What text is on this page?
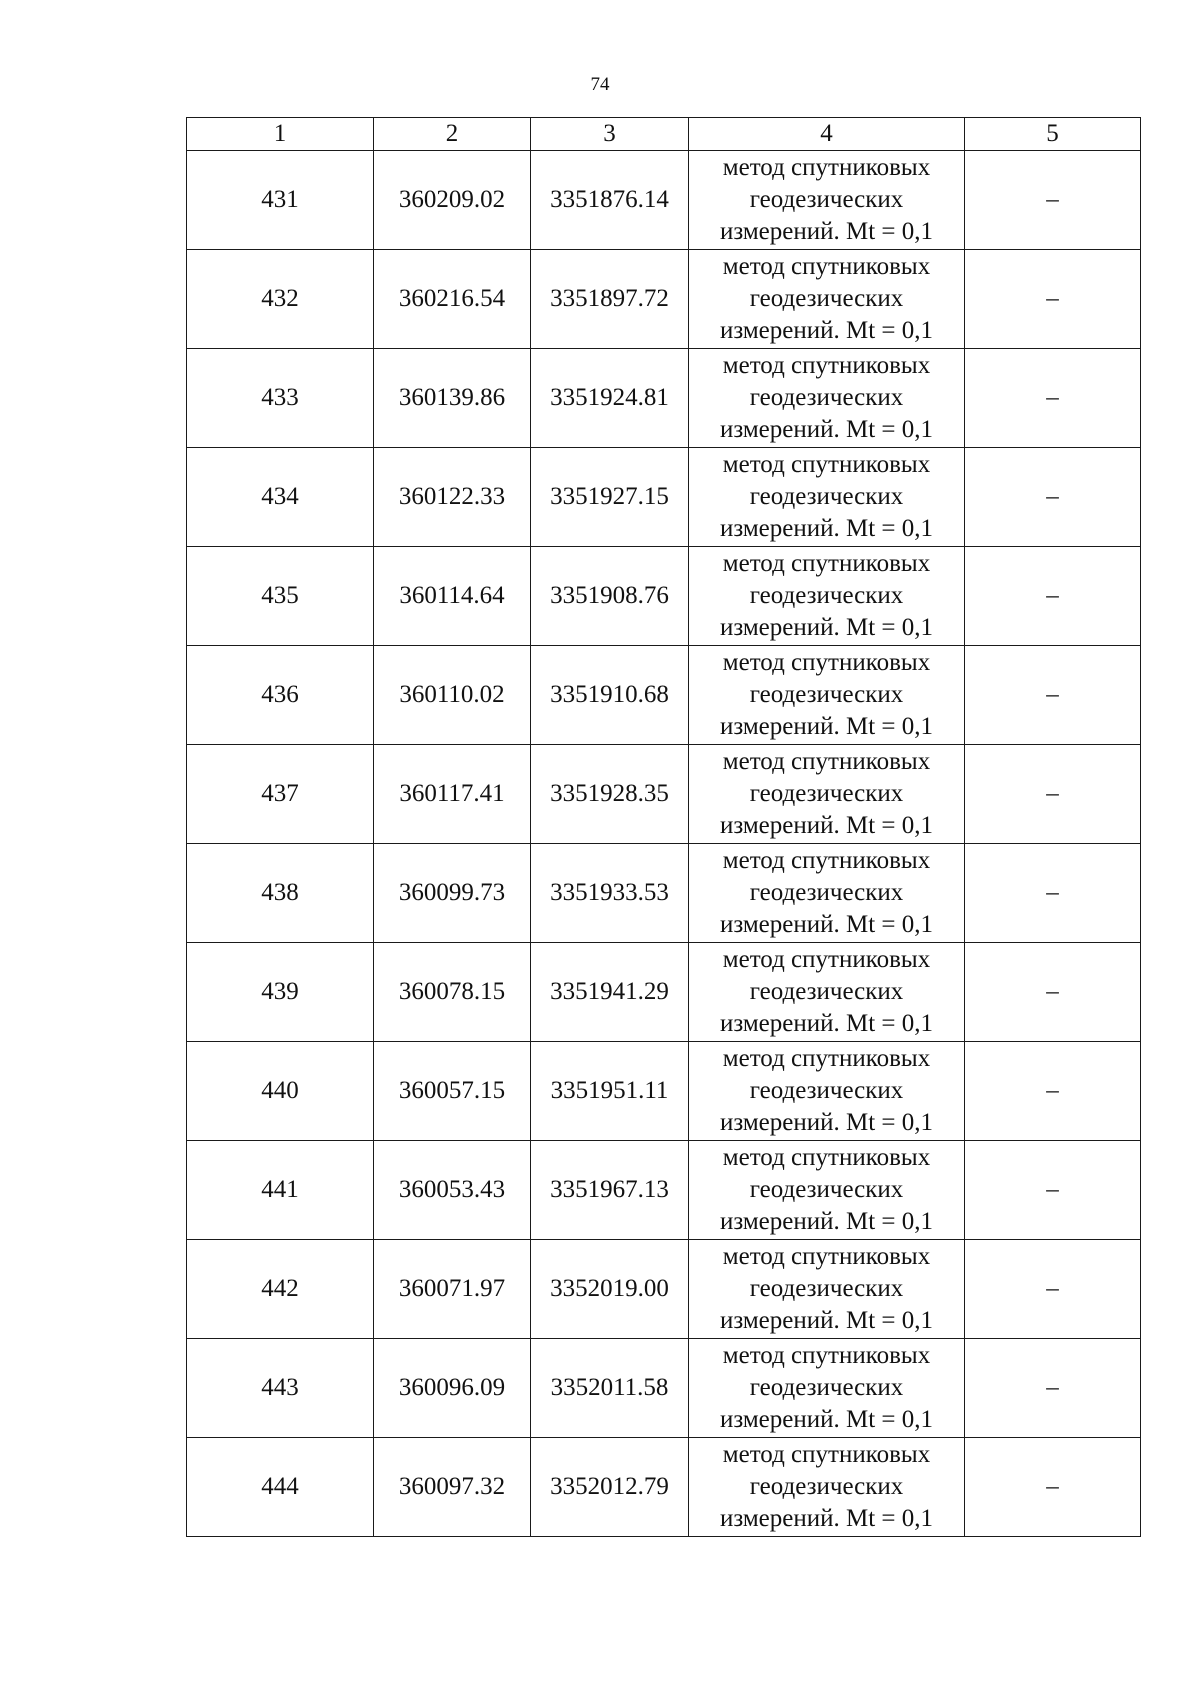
74
1	2	3	4	5
431	360209.02	3351876.14	метод спутниковых
геодезических
измерений. Mt = 0,1	–
432	360216.54	3351897.72	метод спутниковых
геодезических
измерений. Mt = 0,1	–
433	360139.86	3351924.81	метод спутниковых
геодезических
измерений. Mt = 0,1	–
434	360122.33	3351927.15	метод спутниковых
геодезических
измерений. Mt = 0,1	–
435	360114.64	3351908.76	метод спутниковых
геодезических
измерений. Mt = 0,1	–
436	360110.02	3351910.68	метод спутниковых
геодезических
измерений. Mt = 0,1	–
437	360117.41	3351928.35	метод спутниковых
геодезических
измерений. Mt = 0,1	–
438	360099.73	3351933.53	метод спутниковых
геодезических
измерений. Mt = 0,1	–
439	360078.15	3351941.29	метод спутниковых
геодезических
измерений. Mt = 0,1	–
440	360057.15	3351951.11	метод спутниковых
геодезических
измерений. Mt = 0,1	–
441	360053.43	3351967.13	метод спутниковых
геодезических
измерений. Mt = 0,1	–
442	360071.97	3352019.00	метод спутниковых
геодезических
измерений. Mt = 0,1	–
443	360096.09	3352011.58	метод спутниковых
геодезических
измерений. Mt = 0,1	–
444	360097.32	3352012.79	метод спутниковых
геодезических
измерений. Mt = 0,1	–
